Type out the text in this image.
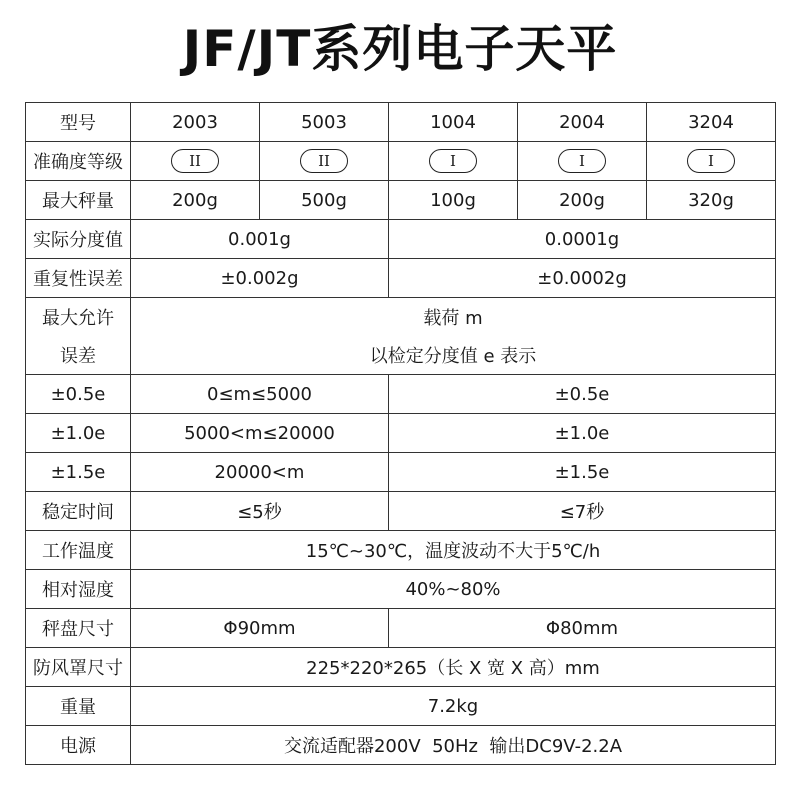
JF/JT系列电子天平
型号	2003	5003	1004	2004	3204
准确度等级	II	II	I	I	I
最大秤量	200g	500g	100g	200g	320g
实际分度值	0.001g		0.0001g		
重复性误差	±0.002g		±0.0002g		
最大允许	载荷 m				
误差	以检定分度值 e 表示				
±0.5e	0≤m≤5000		±0.5e		
±1.0e	5000<m≤20000		±1.0e		
±1.5e	20000<m		±1.5e		
稳定时间	≤5秒		≤7秒		
工作温度	15℃~30℃，温度波动不大于5℃/h				
相对湿度	40%~80%				
秤盘尺寸	Φ90mm		Φ80mm		
防风罩尺寸	225*220*265（长 X 宽 X 高）mm				
重量	7.2kg				
电源	交流适配器200V  50Hz  输出DC9V-2.2A				
